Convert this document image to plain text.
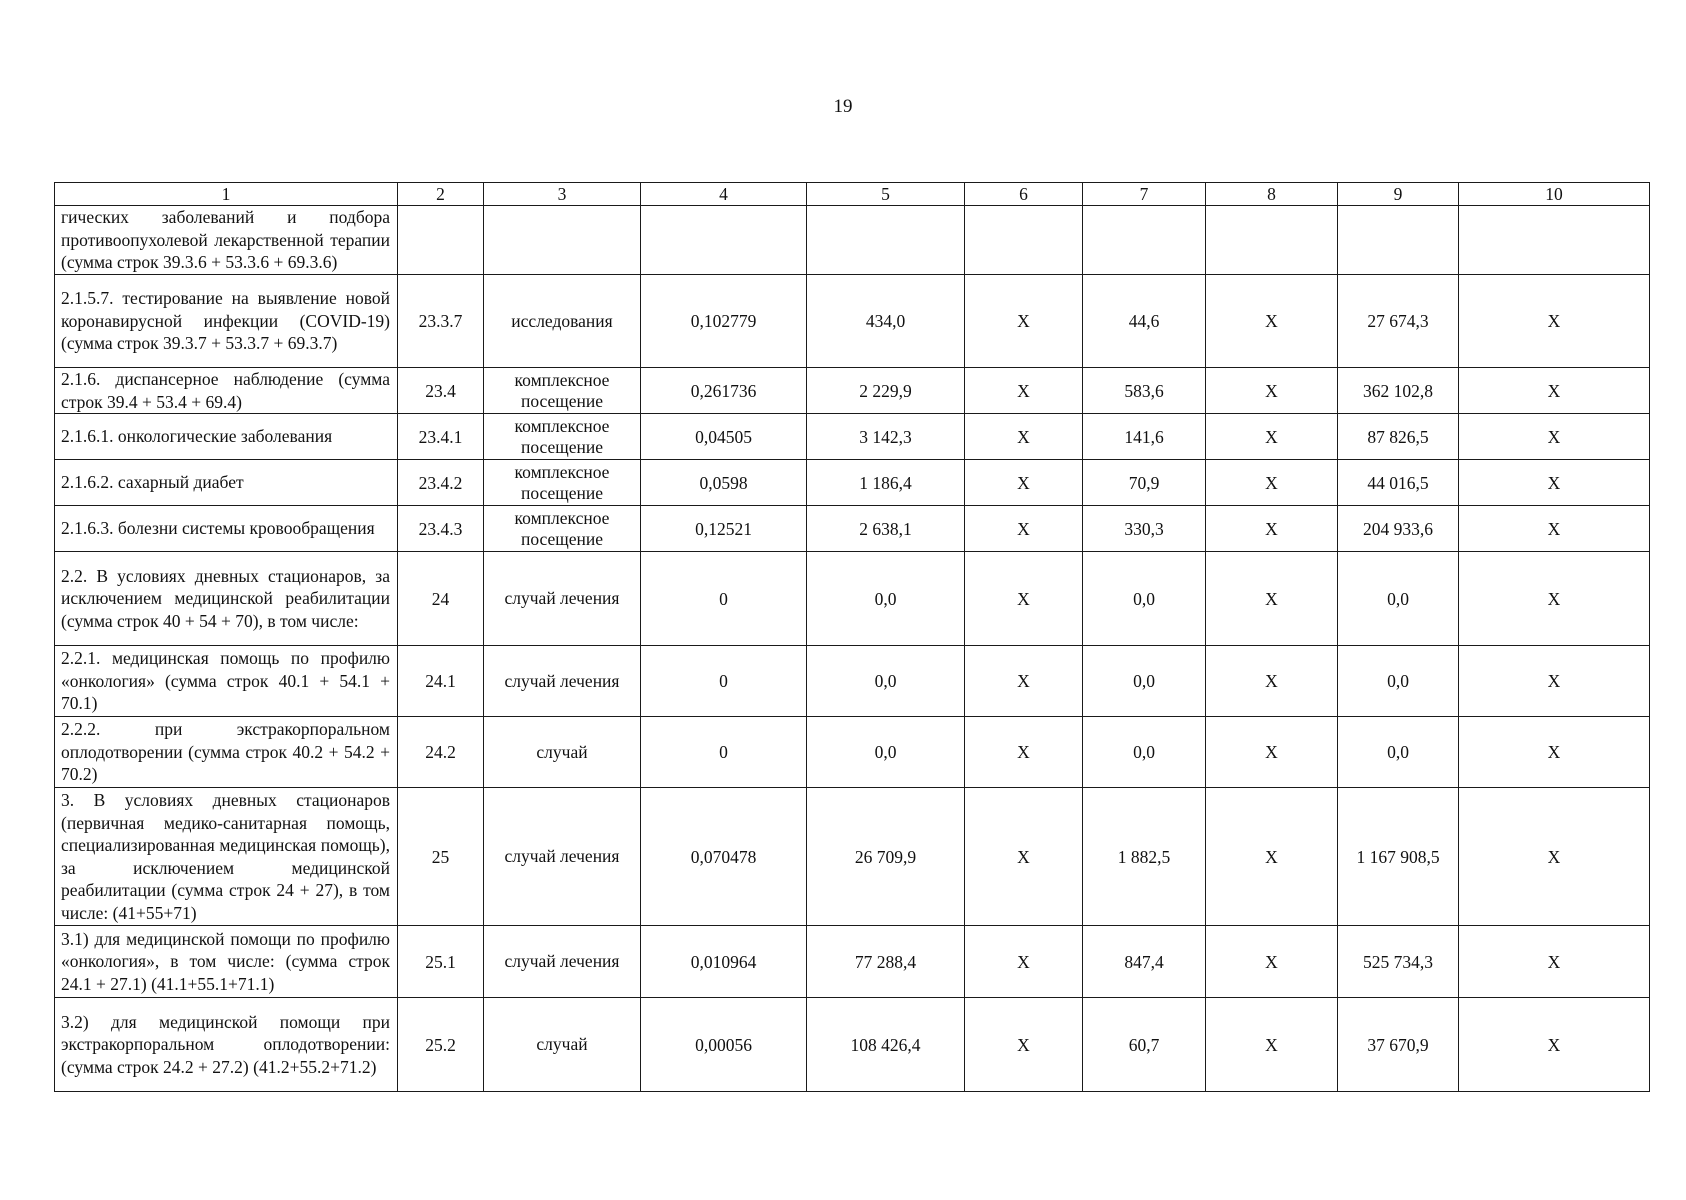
19
1	2	3	4	5	6	7	8	9	10
гических заболеваний и подбора противоопухолевой лекарственной терапии (сумма строк 39.3.6 + 53.3.6 + 69.3.6)									
2.1.5.7. тестирование на выявление новой коронавирусной инфекции (COVID-19) (сумма строк 39.3.7 + 53.3.7 + 69.3.7)	23.3.7	исследования	0,102779	434,0	X	44,6	X	27 674,3	X
2.1.6. диспансерное наблюдение (сумма строк 39.4 + 53.4 + 69.4)	23.4	комплексное посещение	0,261736	2 229,9	X	583,6	X	362 102,8	X
2.1.6.1. онкологические заболевания	23.4.1	комплексное посещение	0,04505	3 142,3	X	141,6	X	87 826,5	X
2.1.6.2. сахарный диабет	23.4.2	комплексное посещение	0,0598	1 186,4	X	70,9	X	44 016,5	X
2.1.6.3. болезни системы кровообращения	23.4.3	комплексное посещение	0,12521	2 638,1	X	330,3	X	204 933,6	X
2.2. В условиях дневных стационаров, за исключением медицинской реабилитации (сумма строк 40 + 54 + 70), в том числе:	24	случай лечения	0	0,0	X	0,0	X	0,0	X
2.2.1. медицинская помощь по профилю «онкология» (сумма строк 40.1 + 54.1 + 70.1)	24.1	случай лечения	0	0,0	X	0,0	X	0,0	X
2.2.2. при экстракорпоральном оплодотворении (сумма строк 40.2 + 54.2 + 70.2)	24.2	случай	0	0,0	X	0,0	X	0,0	X
3. В условиях дневных стационаров (первичная медико-санитарная помощь, специализированная медицинская помощь), за исключением медицинской реабилитации (сумма строк 24 + 27), в том числе: (41+55+71)	25	случай лечения	0,070478	26 709,9	X	1 882,5	X	1 167 908,5	X
3.1) для медицинской помощи по профилю «онкология», в том числе: (сумма строк 24.1 + 27.1) (41.1+55.1+71.1)	25.1	случай лечения	0,010964	77 288,4	X	847,4	X	525 734,3	X
3.2) для медицинской помощи при экстракорпоральном оплодотворении: (сумма строк 24.2 + 27.2) (41.2+55.2+71.2)	25.2	случай	0,00056	108 426,4	X	60,7	X	37 670,9	X
